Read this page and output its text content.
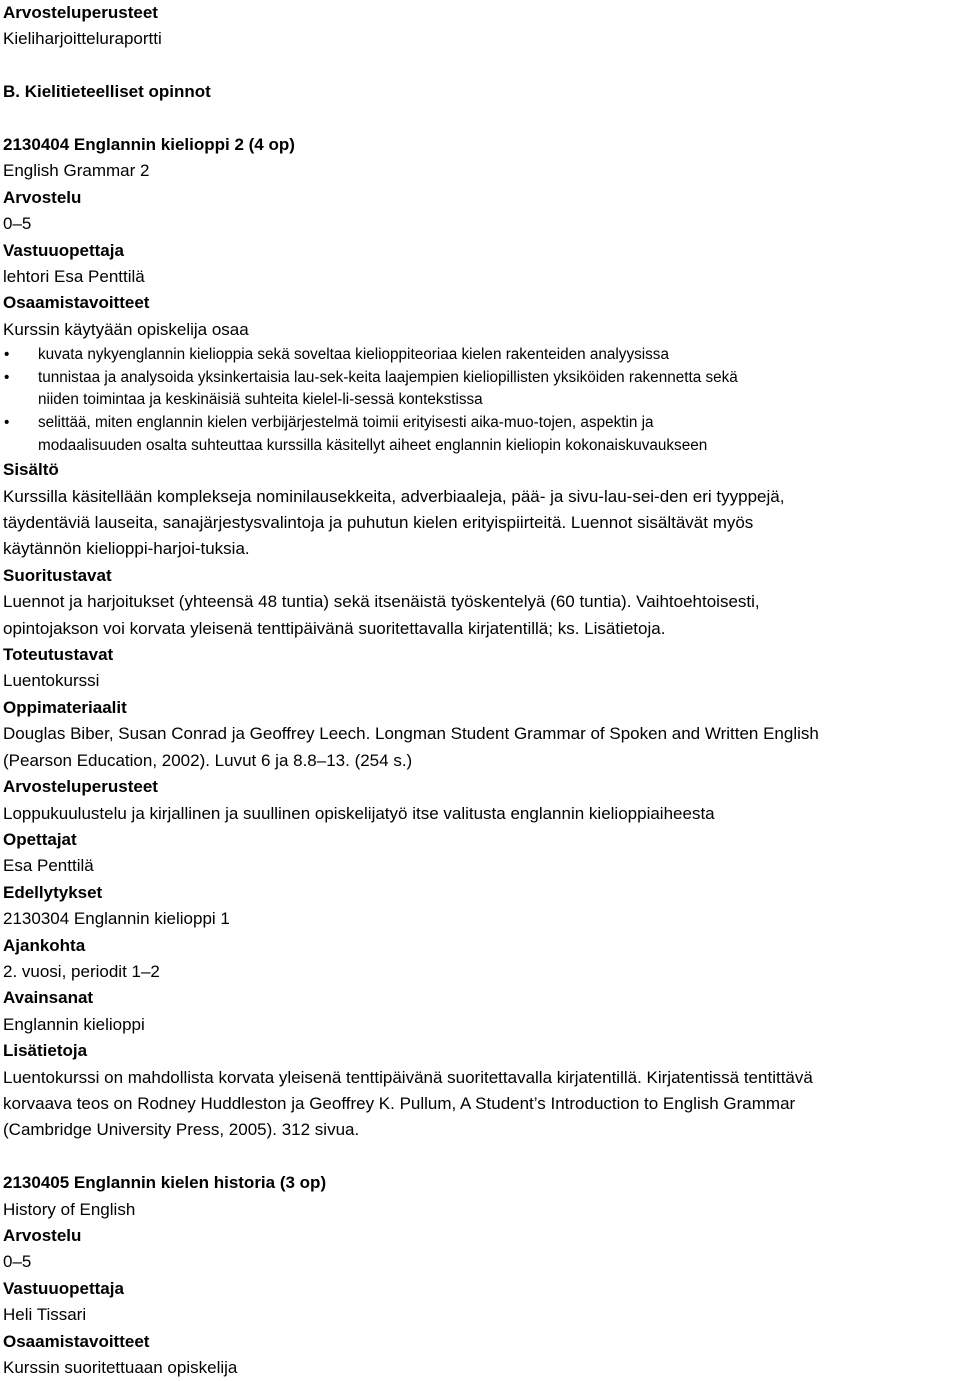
Arvosteluperusteet
Kieliharjoitteluraportti
B. Kielitieteelliset opinnot
2130404 Englannin kielioppi 2 (4 op)
English Grammar 2
Arvostelu
0–5
Vastuuopettaja
lehtori Esa Penttilä
Osaamistavoitteet
Kurssin käytyään opiskelija osaa
• kuvata nykyenglannin kielioppia sekä soveltaa kielioppiteoriaa kielen rakenteiden analyysissa
• tunnistaa ja analysoida yksinkertaisia lau-sek-keita laajempien kieliopillisten yksiköiden rakennetta sekä
niiden toimintaa ja keskinäisiä suhteita kielel-li-sessä kontekstissa
• selittää, miten englannin kielen verbijärjestelmä toimii erityisesti aika-muo-tojen, aspektin ja
modaalisuuden osalta suhteuttaa kurssilla käsitellyt aiheet englannin kieliopin kokonaiskuvaukseen
Sisältö
Kurssilla käsitellään komplekseja nominilausekkeita, adverbiaaleja, pää- ja sivu-lau-sei-den eri tyyppejä,
täydentäviä lauseita, sanajärjestysvalintoja ja puhutun kielen erityispiirteitä. Luennot sisältävät myös
käytännön kielioppi-harjoi-tuksia.
Suoritustavat
Luennot ja harjoitukset (yhteensä 48 tuntia) sekä itsenäistä työskentelyä (60 tuntia). Vaihtoehtoisesti,
opintojakson voi korvata yleisenä tenttipäivänä suoritettavalla kirjatentillä; ks. Lisätietoja.
Toteutustavat
Luentokurssi
Oppimateriaalit
Douglas Biber, Susan Conrad ja Geoffrey Leech. Longman Student Grammar of Spoken and Written English
(Pearson Education, 2002). Luvut 6 ja 8.8–13. (254 s.)
Arvosteluperusteet
Loppukuulustelu ja kirjallinen ja suullinen opiskelijatyö itse valitusta englannin kielioppiaiheesta
Opettajat
Esa Penttilä
Edellytykset
2130304 Englannin kielioppi 1
Ajankohta
2. vuosi, periodit 1–2
Avainsanat
Englannin kielioppi
Lisätietoja
Luentokurssi on mahdollista korvata yleisenä tenttipäivänä suoritettavalla kirjatentillä. Kirjatentissä tentittävä
korvaava teos on Rodney Huddleston ja Geoffrey K. Pullum, A Student’s Introduction to English Grammar
(Cambridge University Press, 2005). 312 sivua.
2130405 Englannin kielen historia (3 op)
History of English
Arvostelu
0–5
Vastuuopettaja
Heli Tissari
Osaamistavoitteet
Kurssin suoritettuaan opiskelija
